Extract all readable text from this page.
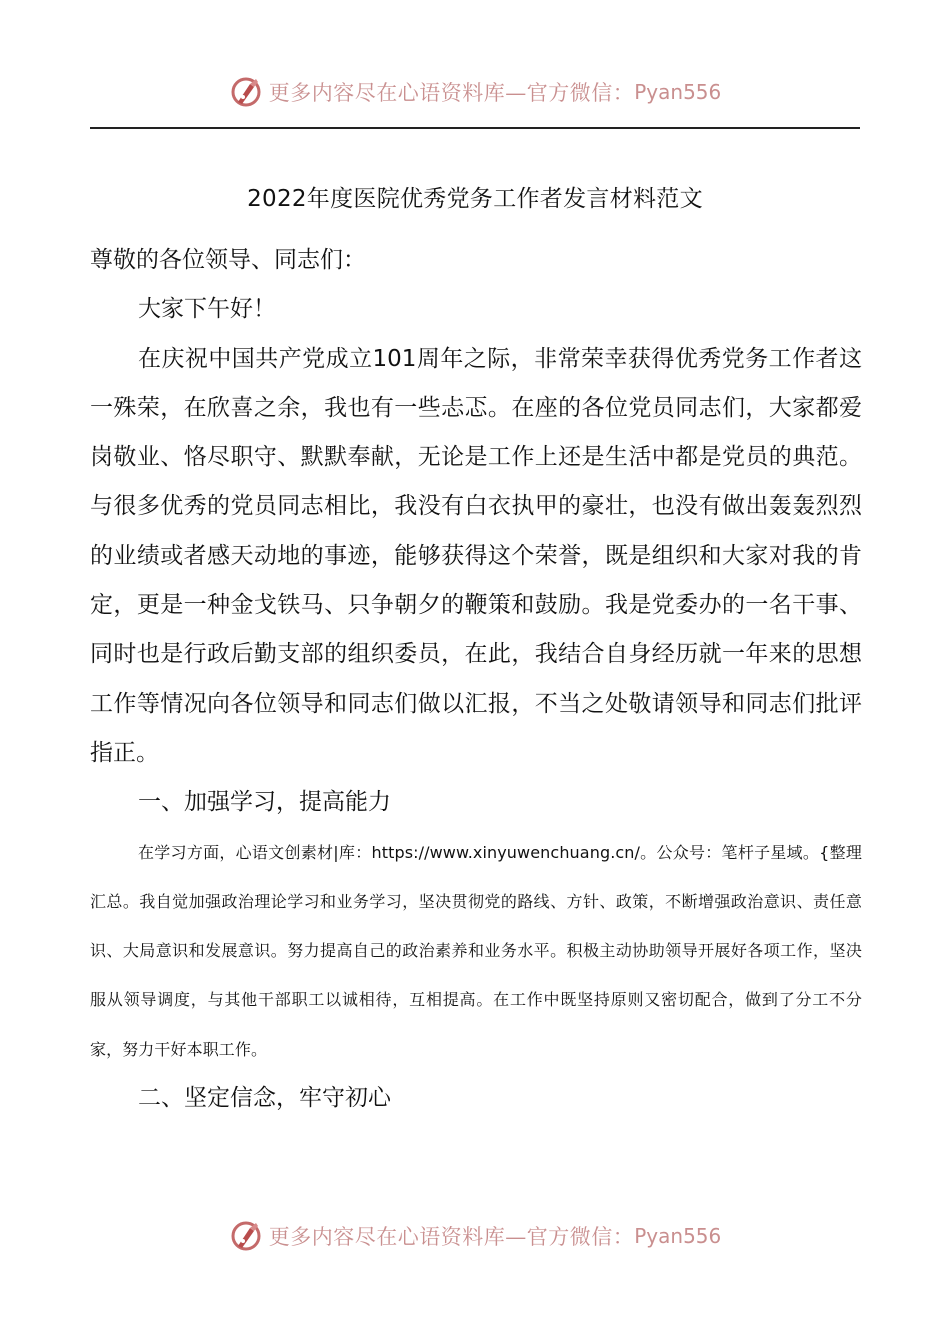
更多内容尽在心语资料库—官方微信： Pyan556
2022年度医院优秀党务工作者发言材料范文

尊敬的各位领导、同志们：

大家下午好！

在庆祝中国共产党成立101周年之际，非常荣幸获得优秀党务工作者这一殊荣，在欣喜之余，我也有一些忐忑。在座的各位党员同志们，大家都爱岗敬业、恪尽职守、默默奉献，无论是工作上还是生活中都是党员的典范。与很多优秀的党员同志相比，我没有白衣执甲的豪壮，也没有做出轰轰烈烈的业绩或者感天动地的事迹，能够获得这个荣誉，既是组织和大家对我的肯定，更是一种金戈铁马、只争朝夕的鞭策和鼓励。我是党委办的一名干事、同时也是行政后勤支部的组织委员，在此，我结合自身经历就一年来的思想工作等情况向各位领导和同志们做以汇报，不当之处敬请领导和同志们批评指正。

一、加强学习，提高能力

在学习方面，心语文创素材|库：https://www.xinyuwenchuang.cn/。公众号：笔杆子星域。{整理汇总。我自觉加强政治理论学习和业务学习，坚决贯彻党的路线、方针、政策，不断增强政治意识、责任意识、大局意识和发展意识。努力提高自己的政治素养和业务水平。积极主动协助领导开展好各项工作，坚决服从领导调度，与其他干部职工以诚相待，互相提高。在工作中既坚持原则又密切配合，做到了分工不分家，努力干好本职工作。

二、坚定信念，牢守初心

更多内容尽在心语资料库—官方微信： Pyan556
